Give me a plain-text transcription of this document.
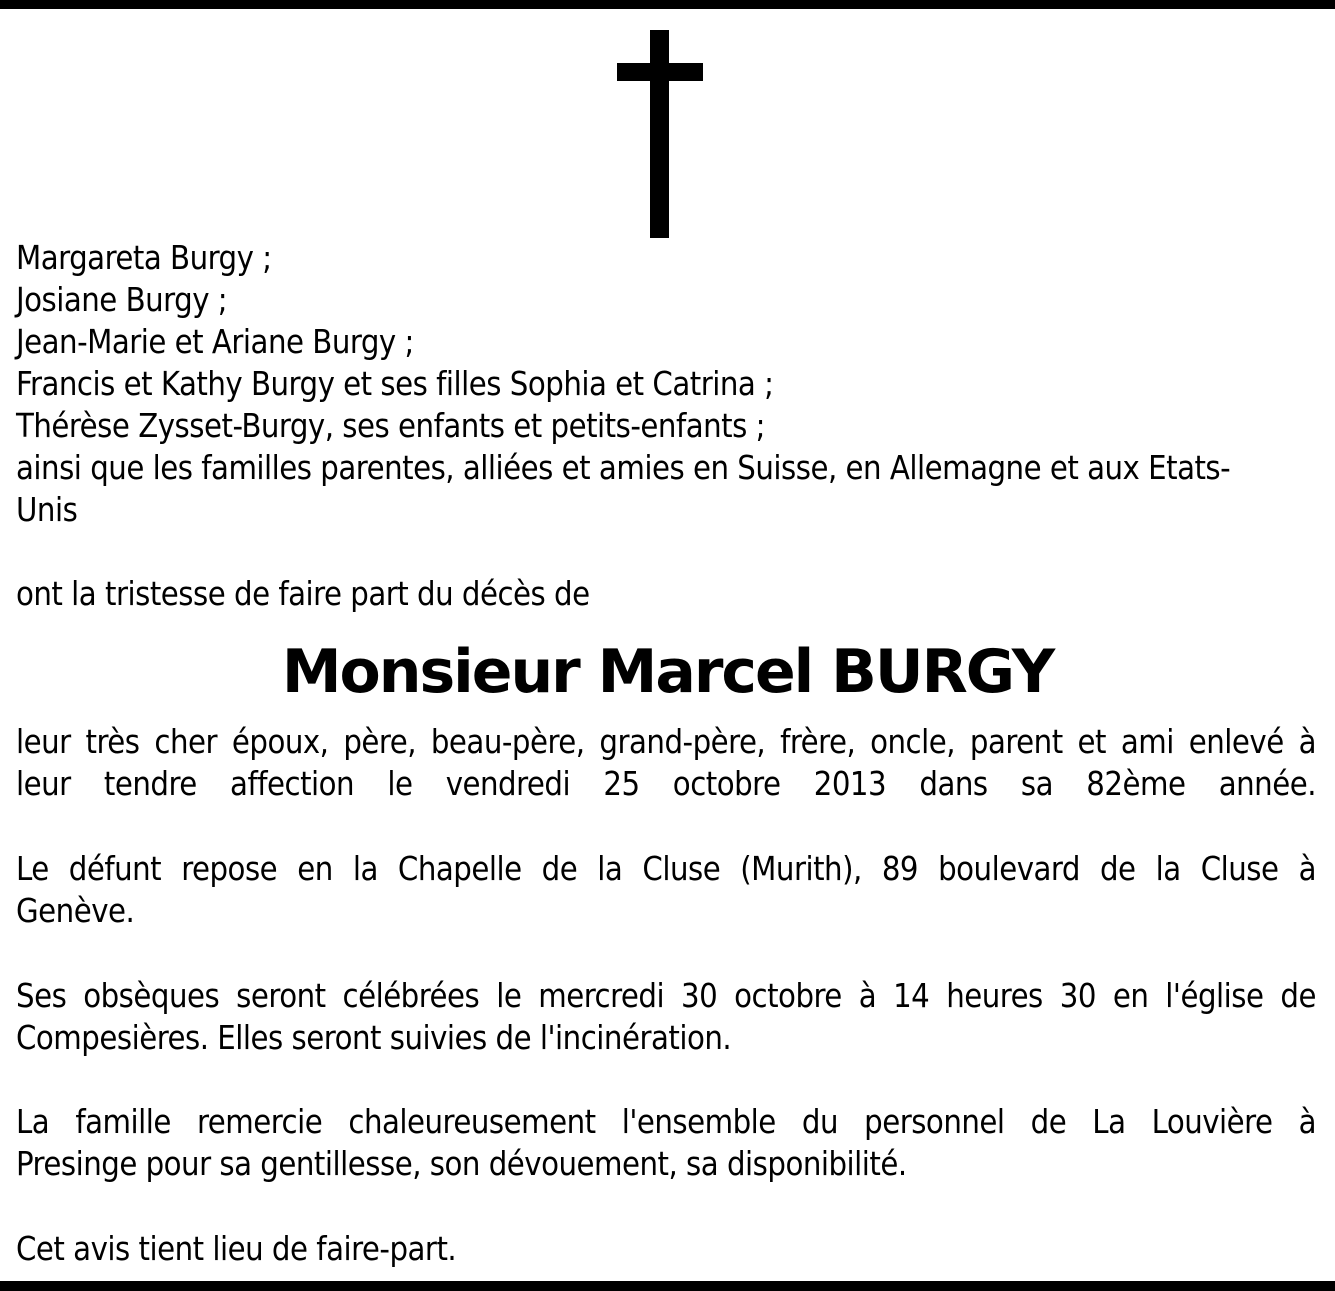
Margareta Burgy ;
Josiane Burgy ;
Jean-Marie et Ariane Burgy ;
Francis et Kathy Burgy et ses filles Sophia et Catrina ;
Thérèse Zysset-Burgy, ses enfants et petits-enfants ;
ainsi que les familles parentes, alliées et amies en Suisse, en Allemagne et aux Etats-
Unis
ont la tristesse de faire part du décès de
Monsieur Marcel BURGY
leur très cher époux, père, beau-père, grand-père, frère, oncle, parent et ami enlevé à
leur tendre affection le vendredi 25 octobre 2013 dans sa 82ème année.
Le défunt repose en la Chapelle de la Cluse (Murith), 89 boulevard de la Cluse à
Genève.
Ses obsèques seront célébrées le mercredi 30 octobre à 14 heures 30 en l'église de
Compesières. Elles seront suivies de l'incinération.
La famille remercie chaleureusement l'ensemble du personnel de La Louvière à
Presinge pour sa gentillesse, son dévouement, sa disponibilité.
Cet avis tient lieu de faire-part.
